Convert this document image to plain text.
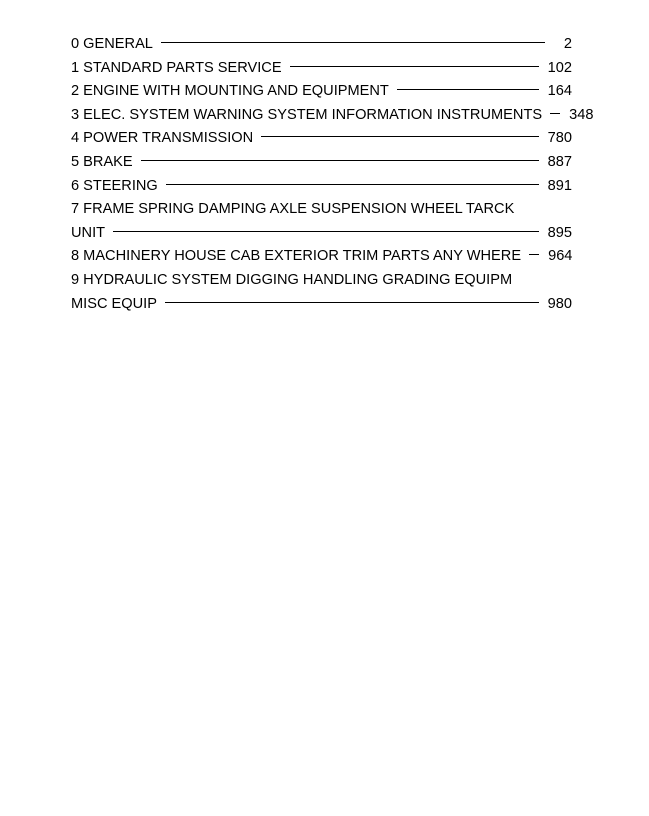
0 GENERAL	2
1 STANDARD PARTS SERVICE	102
2 ENGINE WITH MOUNTING AND EQUIPMENT	164
3 ELEC. SYSTEM WARNING SYSTEM INFORMATION INSTRUMENTS 348
4 POWER TRANSMISSION	780
5 BRAKE	887
6 STEERING	891
7 FRAME SPRING DAMPING AXLE SUSPENSION WHEEL TARCK
UNIT	895
8 MACHINERY HOUSE CAB EXTERIOR TRIM PARTS ANY WHERE 964
9 HYDRAULIC SYSTEM DIGGING HANDLING GRADING EQUIPM
MISC EQUIP	980
